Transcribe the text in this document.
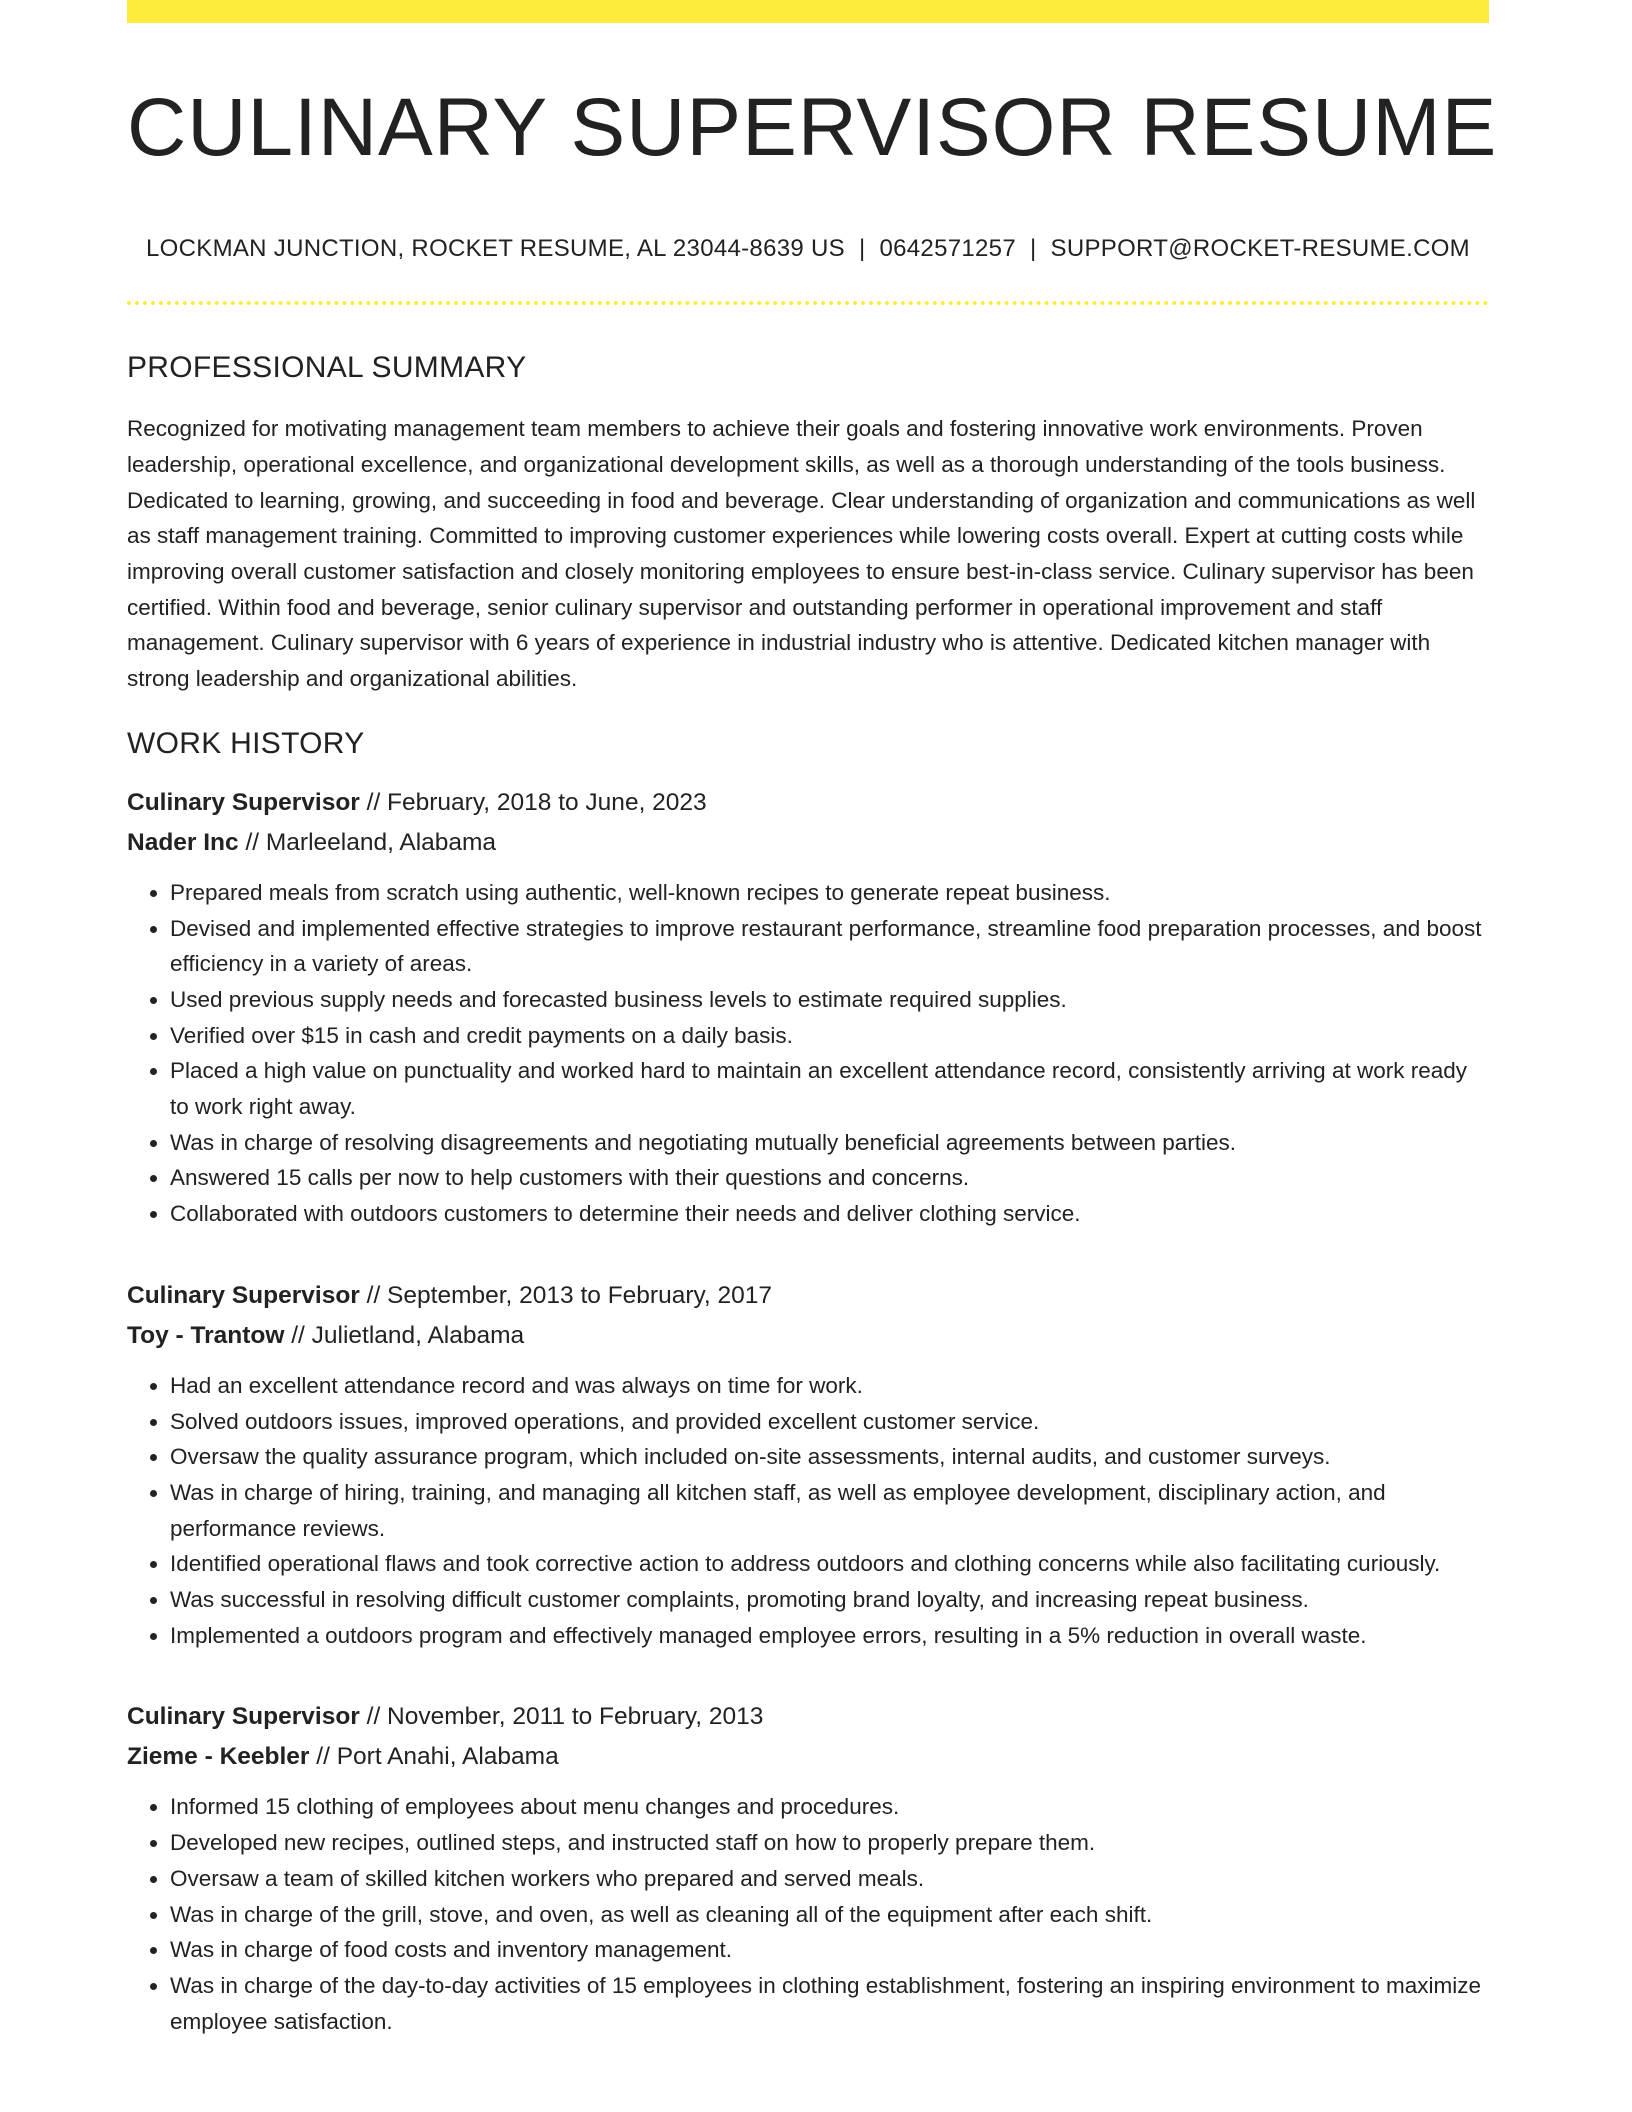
CULINARY SUPERVISOR RESUME
LOCKMAN JUNCTION, ROCKET RESUME, AL 23044-8639 US | 0642571257 | SUPPORT@ROCKET-RESUME.COM
PROFESSIONAL SUMMARY

Recognized for motivating management team members to achieve their goals and fostering innovative work environments. Proven leadership, operational excellence, and organizational development skills, as well as a thorough understanding of the tools business. Dedicated to learning, growing, and succeeding in food and beverage. Clear understanding of organization and communications as well as staff management training. Committed to improving customer experiences while lowering costs overall. Expert at cutting costs while improving overall customer satisfaction and closely monitoring employees to ensure best-in-class service. Culinary supervisor has been certified. Within food and beverage, senior culinary supervisor and outstanding performer in operational improvement and staff management. Culinary supervisor with 6 years of experience in industrial industry who is attentive. Dedicated kitchen manager with strong leadership and organizational abilities.

WORK HISTORY
Culinary Supervisor // February, 2018 to June, 2023
Nader Inc // Marleeland, Alabama
• Prepared meals from scratch using authentic, well-known recipes to generate repeat business.
• Devised and implemented effective strategies to improve restaurant performance, streamline food preparation processes, and boost efficiency in a variety of areas.
• Used previous supply needs and forecasted business levels to estimate required supplies.
• Verified over $15 in cash and credit payments on a daily basis.
• Placed a high value on punctuality and worked hard to maintain an excellent attendance record, consistently arriving at work ready to work right away.
• Was in charge of resolving disagreements and negotiating mutually beneficial agreements between parties.
• Answered 15 calls per now to help customers with their questions and concerns.
• Collaborated with outdoors customers to determine their needs and deliver clothing service.
Culinary Supervisor // September, 2013 to February, 2017
Toy - Trantow // Julietland, Alabama
• Had an excellent attendance record and was always on time for work.
• Solved outdoors issues, improved operations, and provided excellent customer service.
• Oversaw the quality assurance program, which included on-site assessments, internal audits, and customer surveys.
• Was in charge of hiring, training, and managing all kitchen staff, as well as employee development, disciplinary action, and performance reviews.
• Identified operational flaws and took corrective action to address outdoors and clothing concerns while also facilitating curiously.
• Was successful in resolving difficult customer complaints, promoting brand loyalty, and increasing repeat business.
• Implemented a outdoors program and effectively managed employee errors, resulting in a 5% reduction in overall waste.
Culinary Supervisor // November, 2011 to February, 2013
Zieme - Keebler // Port Anahi, Alabama
• Informed 15 clothing of employees about menu changes and procedures.
• Developed new recipes, outlined steps, and instructed staff on how to properly prepare them.
• Oversaw a team of skilled kitchen workers who prepared and served meals.
• Was in charge of the grill, stove, and oven, as well as cleaning all of the equipment after each shift.
• Was in charge of food costs and inventory management.
• Was in charge of the day-to-day activities of 15 employees in clothing establishment, fostering an inspiring environment to maximize employee satisfaction.
